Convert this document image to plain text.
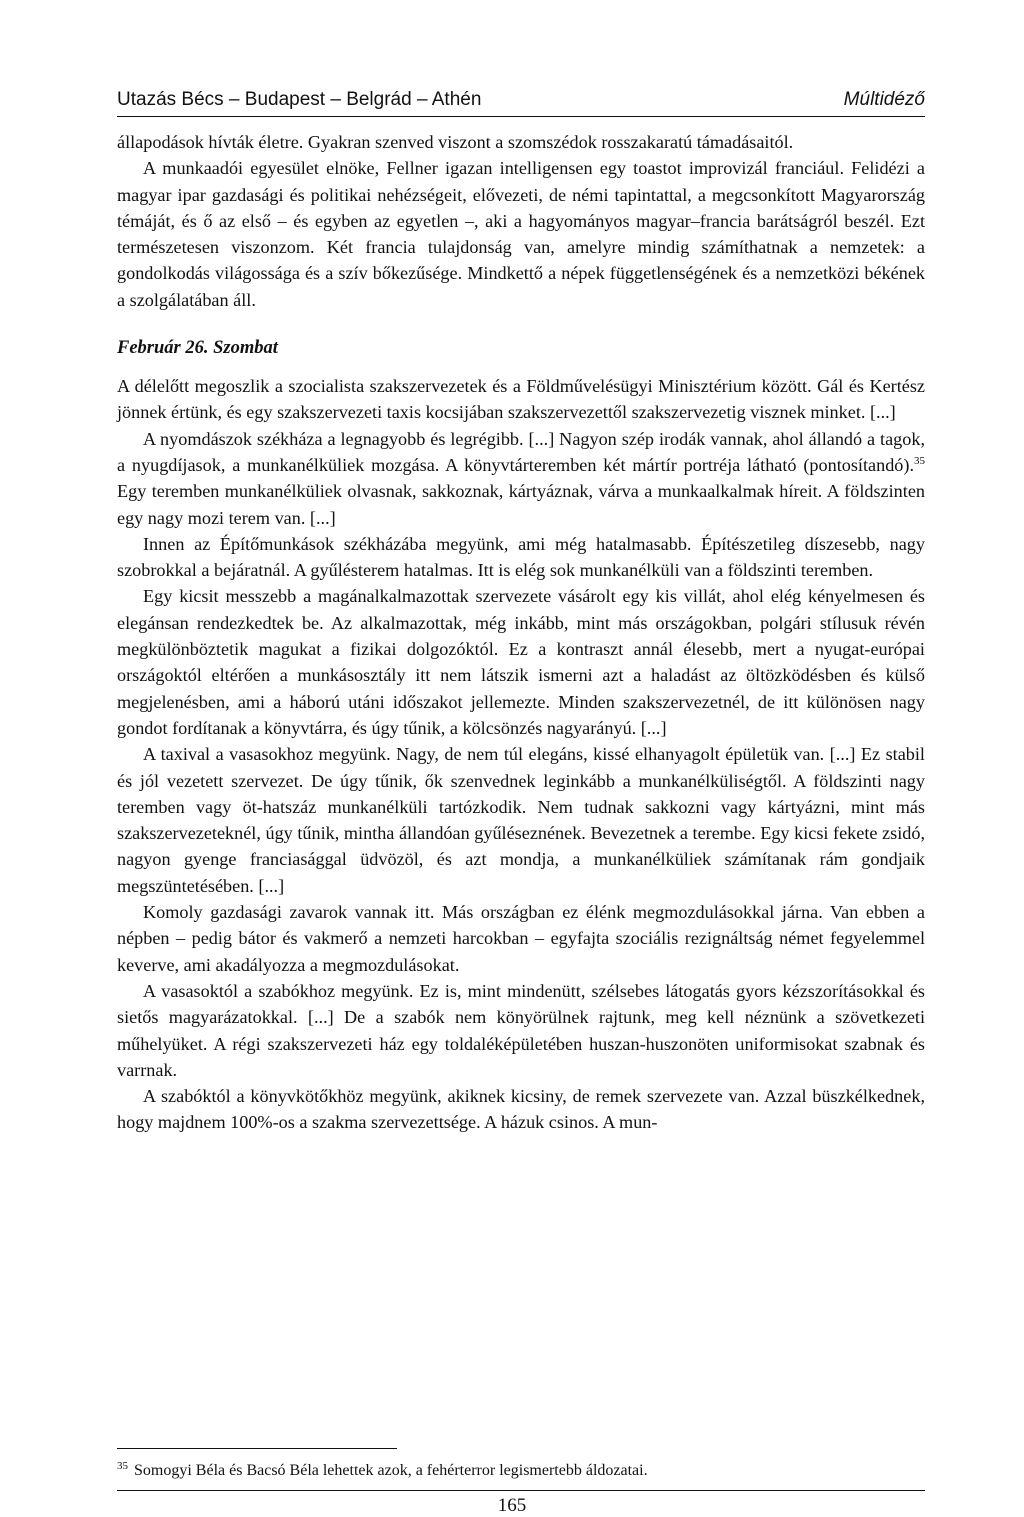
Utazás Bécs – Budapest – Belgrád – Athén	Múltidéző

állapodások hívták életre. Gyakran szenved viszont a szomszédok rosszakaratú támadásaitól.

A munkaadói egyesület elnöke, Fellner igazan intelligensen egy toastot improvizál franciául. Felidézi a magyar ipar gazdasági és politikai nehézségeit, elővezeti, de némi tapintattal, a megcsonkított Magyarország témáját, és ő az első – és egyben az egyetlen –, aki a hagyományos magyar–francia barátságról beszél. Ezt természetesen viszonzom. Két francia tulajdonság van, amelyre mindig számíthatnak a nemzetek: a gondolkodás világossága és a szív bőkezűsége. Mindkettő a népek függetlenségének és a nemzetközi békének a szolgálatában áll.

Február 26. Szombat

A délelőtt megoszlik a szocialista szakszervezetek és a Földművelésügyi Minisztérium között. Gál és Kertész jönnek értünk, és egy szakszervezeti taxis kocsijában szakszervezettől szakszervezetig visznek minket. [...]

A nyomdászok székháza a legnagyobb és legrégibb. [...] Nagyon szép irodák vannak, ahol állandó a tagok, a nyugdíjasok, a munkanélküliek mozgása. A könyvtárteremben két mártír portréja látható (pontosítandó).$^{35}$ Egy teremben munkanélküliek olvasnak, sakkoznak, kártyáznak, várva a munkaalkalmak híreit. A földszinten egy nagy mozi terem van. [...]

Innen az Építőmunkások székházába megyünk, ami még hatalmasabb. Építészetileg díszesebb, nagy szobrokkal a bejáratnál. A gyűlésterem hatalmas. Itt is elég sok munkanélküli van a földszinti teremben.

Egy kicsit messzebb a magánalkalmazottak szervezete vásárolt egy kis villát, ahol elég kényelmesen és elegánsan rendezkedtek be. Az alkalmazottak, még inkább, mint más országokban, polgári stílusuk révén megkülönböztetik magukat a fizikai dolgozóktól. Ez a kontraszt annál élesebb, mert a nyugat-európai országoktól eltérően a munkásosztály itt nem látszik ismerni azt a haladást az öltözködésben és külső megjelenésben, ami a háború utáni időszakot jellemezte. Minden szakszervezetnél, de itt különösen nagy gondot fordítanak a könyvtárra, és úgy tűnik, a kölcsönzés nagyarányú. [...]

A taxival a vasasokhoz megyünk. Nagy, de nem túl elegáns, kissé elhanyagolt épületük van. [...] Ez stabil és jól vezetett szervezet. De úgy tűnik, ők szenvednek leginkább a munkanélküliségtől. A földszinti nagy teremben vagy öt-hatszáz munkanélküli tartózkodik. Nem tudnak sakkozni vagy kártyázni, mint más szakszervezeteknél, úgy tűnik, mintha állandóan gyűléseznének. Bevezetnek a terembe. Egy kicsi fekete zsidó, nagyon gyenge franciasággal üdvözöl, és azt mondja, a munkanélküliek számítanak rám gondjaik megszüntetésében. [...]

Komoly gazdasági zavarok vannak itt. Más országban ez élénk megmozdulásokkal járna. Van ebben a népben – pedig bátor és vakmerő a nemzeti harcokban – egyfajta szociális rezignáltság német fegyelemmel keverve, ami akadályozza a megmozdulásokat.

A vasasoktól a szabókhoz megyünk. Ez is, mint mindenütt, szélsebes látogatás gyors kézszorításokkal és sietős magyarázatokkal. [...] De a szabók nem könyörülnek rajtunk, meg kell néznünk a szövetkezeti műhelyüket. A régi szakszervezeti ház egy toldaléképületében huszan-huszonöten uniformisokat szabnak és varrnak.

A szabóktól a könyvkötőkhöz megyünk, akiknek kicsiny, de remek szervezete van. Azzal büszkélkednek, hogy majdnem 100%-os a szakma szervezettsége. A házuk csinos. A mun-

$^{35}$ Somogyi Béla és Bacsó Béla lehettek azok, a fehérterror legismertebb áldozatai.
165
